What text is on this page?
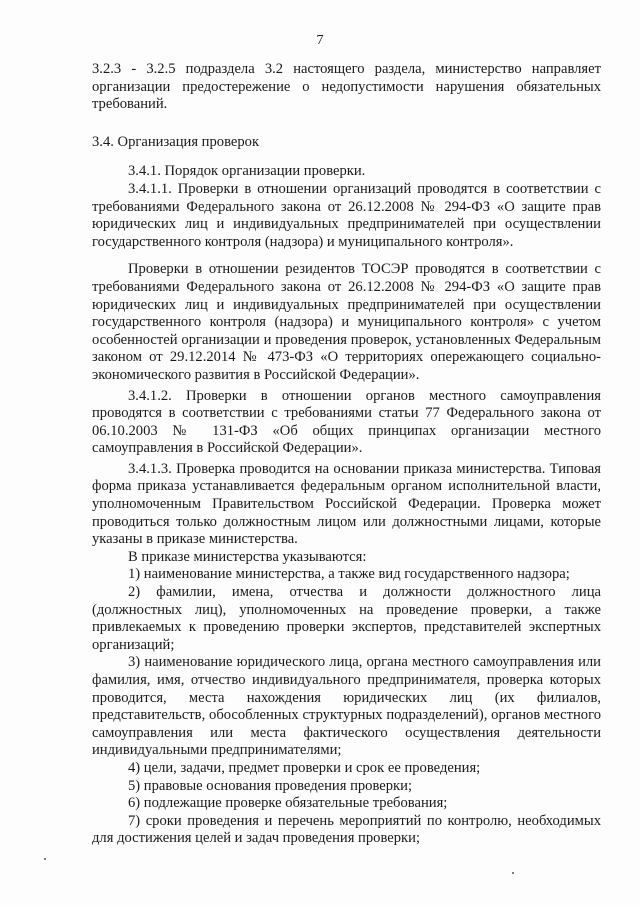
7

3.2.3 - 3.2.5 подраздела 3.2 настоящего раздела, министерство направляет организации предостережение о недопустимости нарушения обязательных требований.

3.4. Организация проверок

3.4.1. Порядок организации проверки.

3.4.1.1. Проверки в отношении организаций проводятся в соответствии с требованиями Федерального закона от 26.12.2008 № 294-ФЗ «О защите прав юридических лиц и индивидуальных предпринимателей при осуществлении государственного контроля (надзора) и муниципального контроля».

Проверки в отношении резидентов ТОСЭР проводятся в соответствии с требованиями Федерального закона от 26.12.2008 № 294-ФЗ «О защите прав юридических лиц и индивидуальных предпринимателей при осуществлении государственного контроля (надзора) и муниципального контроля» с учетом особенностей организации и проведения проверок, установленных Федеральным законом от 29.12.2014 № 473-ФЗ «О территориях опережающего социально-экономического развития в Российской Федерации».

3.4.1.2. Проверки в отношении органов местного самоуправления проводятся в соответствии с требованиями статьи 77 Федерального закона от 06.10.2003 № 131-ФЗ «Об общих принципах организации местного самоуправления в Российской Федерации».

3.4.1.3. Проверка проводится на основании приказа министерства. Типовая форма приказа устанавливается федеральным органом исполнительной власти, уполномоченным Правительством Российской Федерации. Проверка может проводиться только должностным лицом или должностными лицами, которые указаны в приказе министерства.

В приказе министерства указываются:

1) наименование министерства, а также вид государственного надзора;

2) фамилии, имена, отчества и должности должностного лица (должностных лиц), уполномоченных на проведение проверки, а также привлекаемых к проведению проверки экспертов, представителей экспертных организаций;

3) наименование юридического лица, органа местного самоуправления или фамилия, имя, отчество индивидуального предпринимателя, проверка которых проводится, места нахождения юридических лиц (их филиалов, представительств, обособленных структурных подразделений), органов местного самоуправления или места фактического осуществления деятельности индивидуальными предпринимателями;

4) цели, задачи, предмет проверки и срок ее проведения;

5) правовые основания проведения проверки;

6) подлежащие проверке обязательные требования;

7) сроки проведения и перечень мероприятий по контролю, необходимых для достижения целей и задач проведения проверки;
